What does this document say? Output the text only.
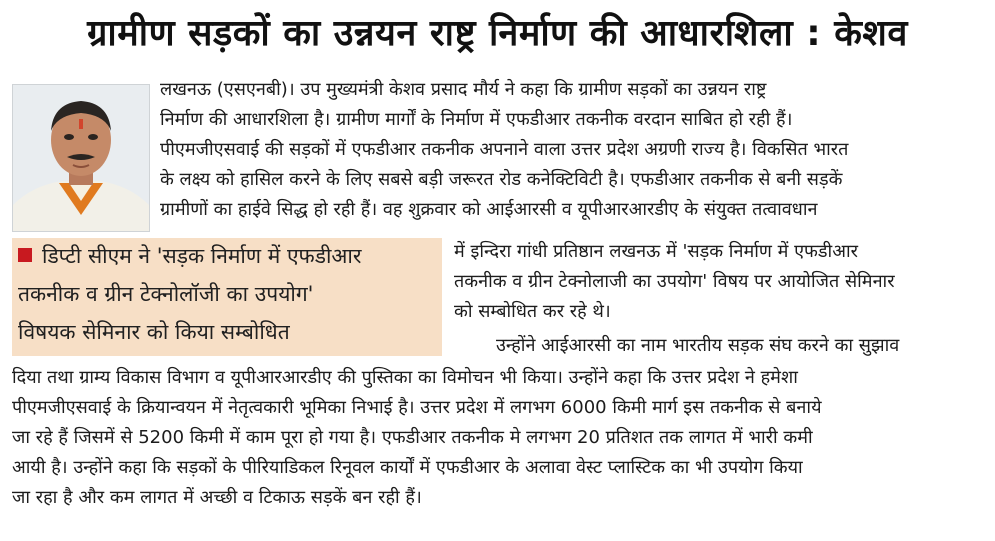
ग्रामीण सड़कों का उन्नयन राष्ट्र निर्माण की आधारशिला : केशव
लखनऊ (एसएनबी)। उप मुख्यमंत्री केशव प्रसाद मौर्य ने कहा कि ग्रामीण सड़कों का उन्नयन राष्ट्र
निर्माण की आधारशिला है। ग्रामीण मार्गों के निर्माण में एफडीआर तकनीक वरदान साबित हो रही हैं।
पीएमजीएसवाई की सड़कों में एफडीआर तकनीक अपनाने वाला उत्तर प्रदेश अग्रणी राज्य है। विकसित भारत
के लक्ष्य को हासिल करने के लिए सबसे बड़ी जरूरत रोड कनेक्टिविटी है। एफडीआर तकनीक से बनी सड़कें
ग्रामीणों का हाईवे सिद्ध हो रही हैं। वह शुक्रवार को आईआरसी व यूपीआरआरडीए के संयुक्त तत्वावधान
डिप्टी सीएम ने 'सड़क निर्माण में एफडीआर
तकनीक व ग्रीन टेक्नोलॉजी का उपयोग'
विषयक सेमिनार को किया सम्बोधित
में इन्दिरा गांधी प्रतिष्ठान लखनऊ में 'सड़क निर्माण में एफडीआर
तकनीक व ग्रीन टेक्नोलाजी का उपयोग' विषय पर आयोजित सेमिनार
को सम्बोधित कर रहे थे।
उन्होंने आईआरसी का नाम भारतीय सड़क संघ करने का सुझाव
दिया तथा ग्राम्य विकास विभाग व यूपीआरआरडीए की पुस्तिका का विमोचन भी किया। उन्होंने कहा कि उत्तर प्रदेश ने हमेशा
पीएमजीएसवाई के क्रियान्वयन में नेतृत्वकारी भूमिका निभाई है। उत्तर प्रदेश में लगभग 6000 किमी मार्ग इस तकनीक से बनाये
जा रहे हैं जिसमें से 5200 किमी में काम पूरा हो गया है। एफडीआर तकनीक मे लगभग 20 प्रतिशत तक लागत में भारी कमी
आयी है। उन्होंने कहा कि सड़कों के पीरियाडिकल रिनूवल कार्यों में एफडीआर के अलावा वेस्ट प्लास्टिक का भी उपयोग किया
जा रहा है और कम लागत में अच्छी व टिकाऊ सड़कें बन रही हैं।
